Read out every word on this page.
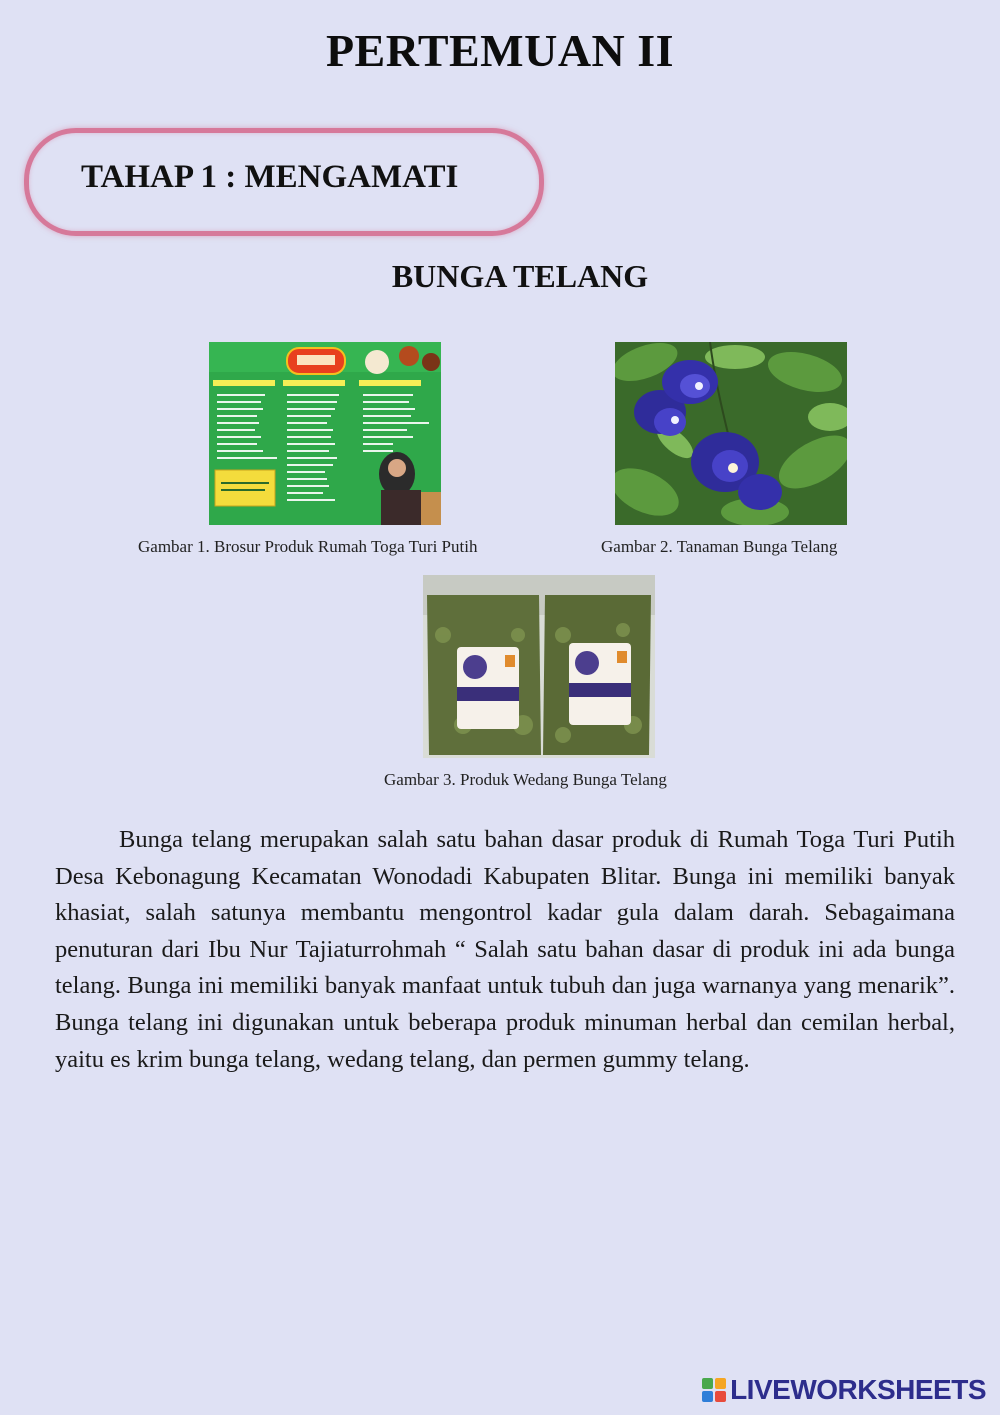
PERTEMUAN II
TAHAP 1 : MENGAMATI
BUNGA TELANG
Gambar 1. Brosur Produk Rumah Toga Turi Putih	Gambar 2. Tanaman Bunga Telang
Gambar 3. Produk Wedang Bunga Telang

Bunga telang merupakan salah satu bahan dasar produk di Rumah Toga Turi Putih Desa Kebonagung Kecamatan Wonodadi Kabupaten Blitar. Bunga ini memiliki banyak khasiat, salah satunya membantu mengontrol kadar gula dalam darah. Sebagaimana penuturan dari Ibu Nur Tajiaturrohmah “ Salah satu bahan dasar di produk ini ada bunga telang. Bunga ini memiliki banyak manfaat untuk tubuh dan juga warnanya yang menarik”. Bunga telang ini digunakan untuk beberapa produk minuman herbal dan cemilan herbal, yaitu es krim bunga telang, wedang telang, dan permen gummy telang.

LIVEWORKSHEETS
